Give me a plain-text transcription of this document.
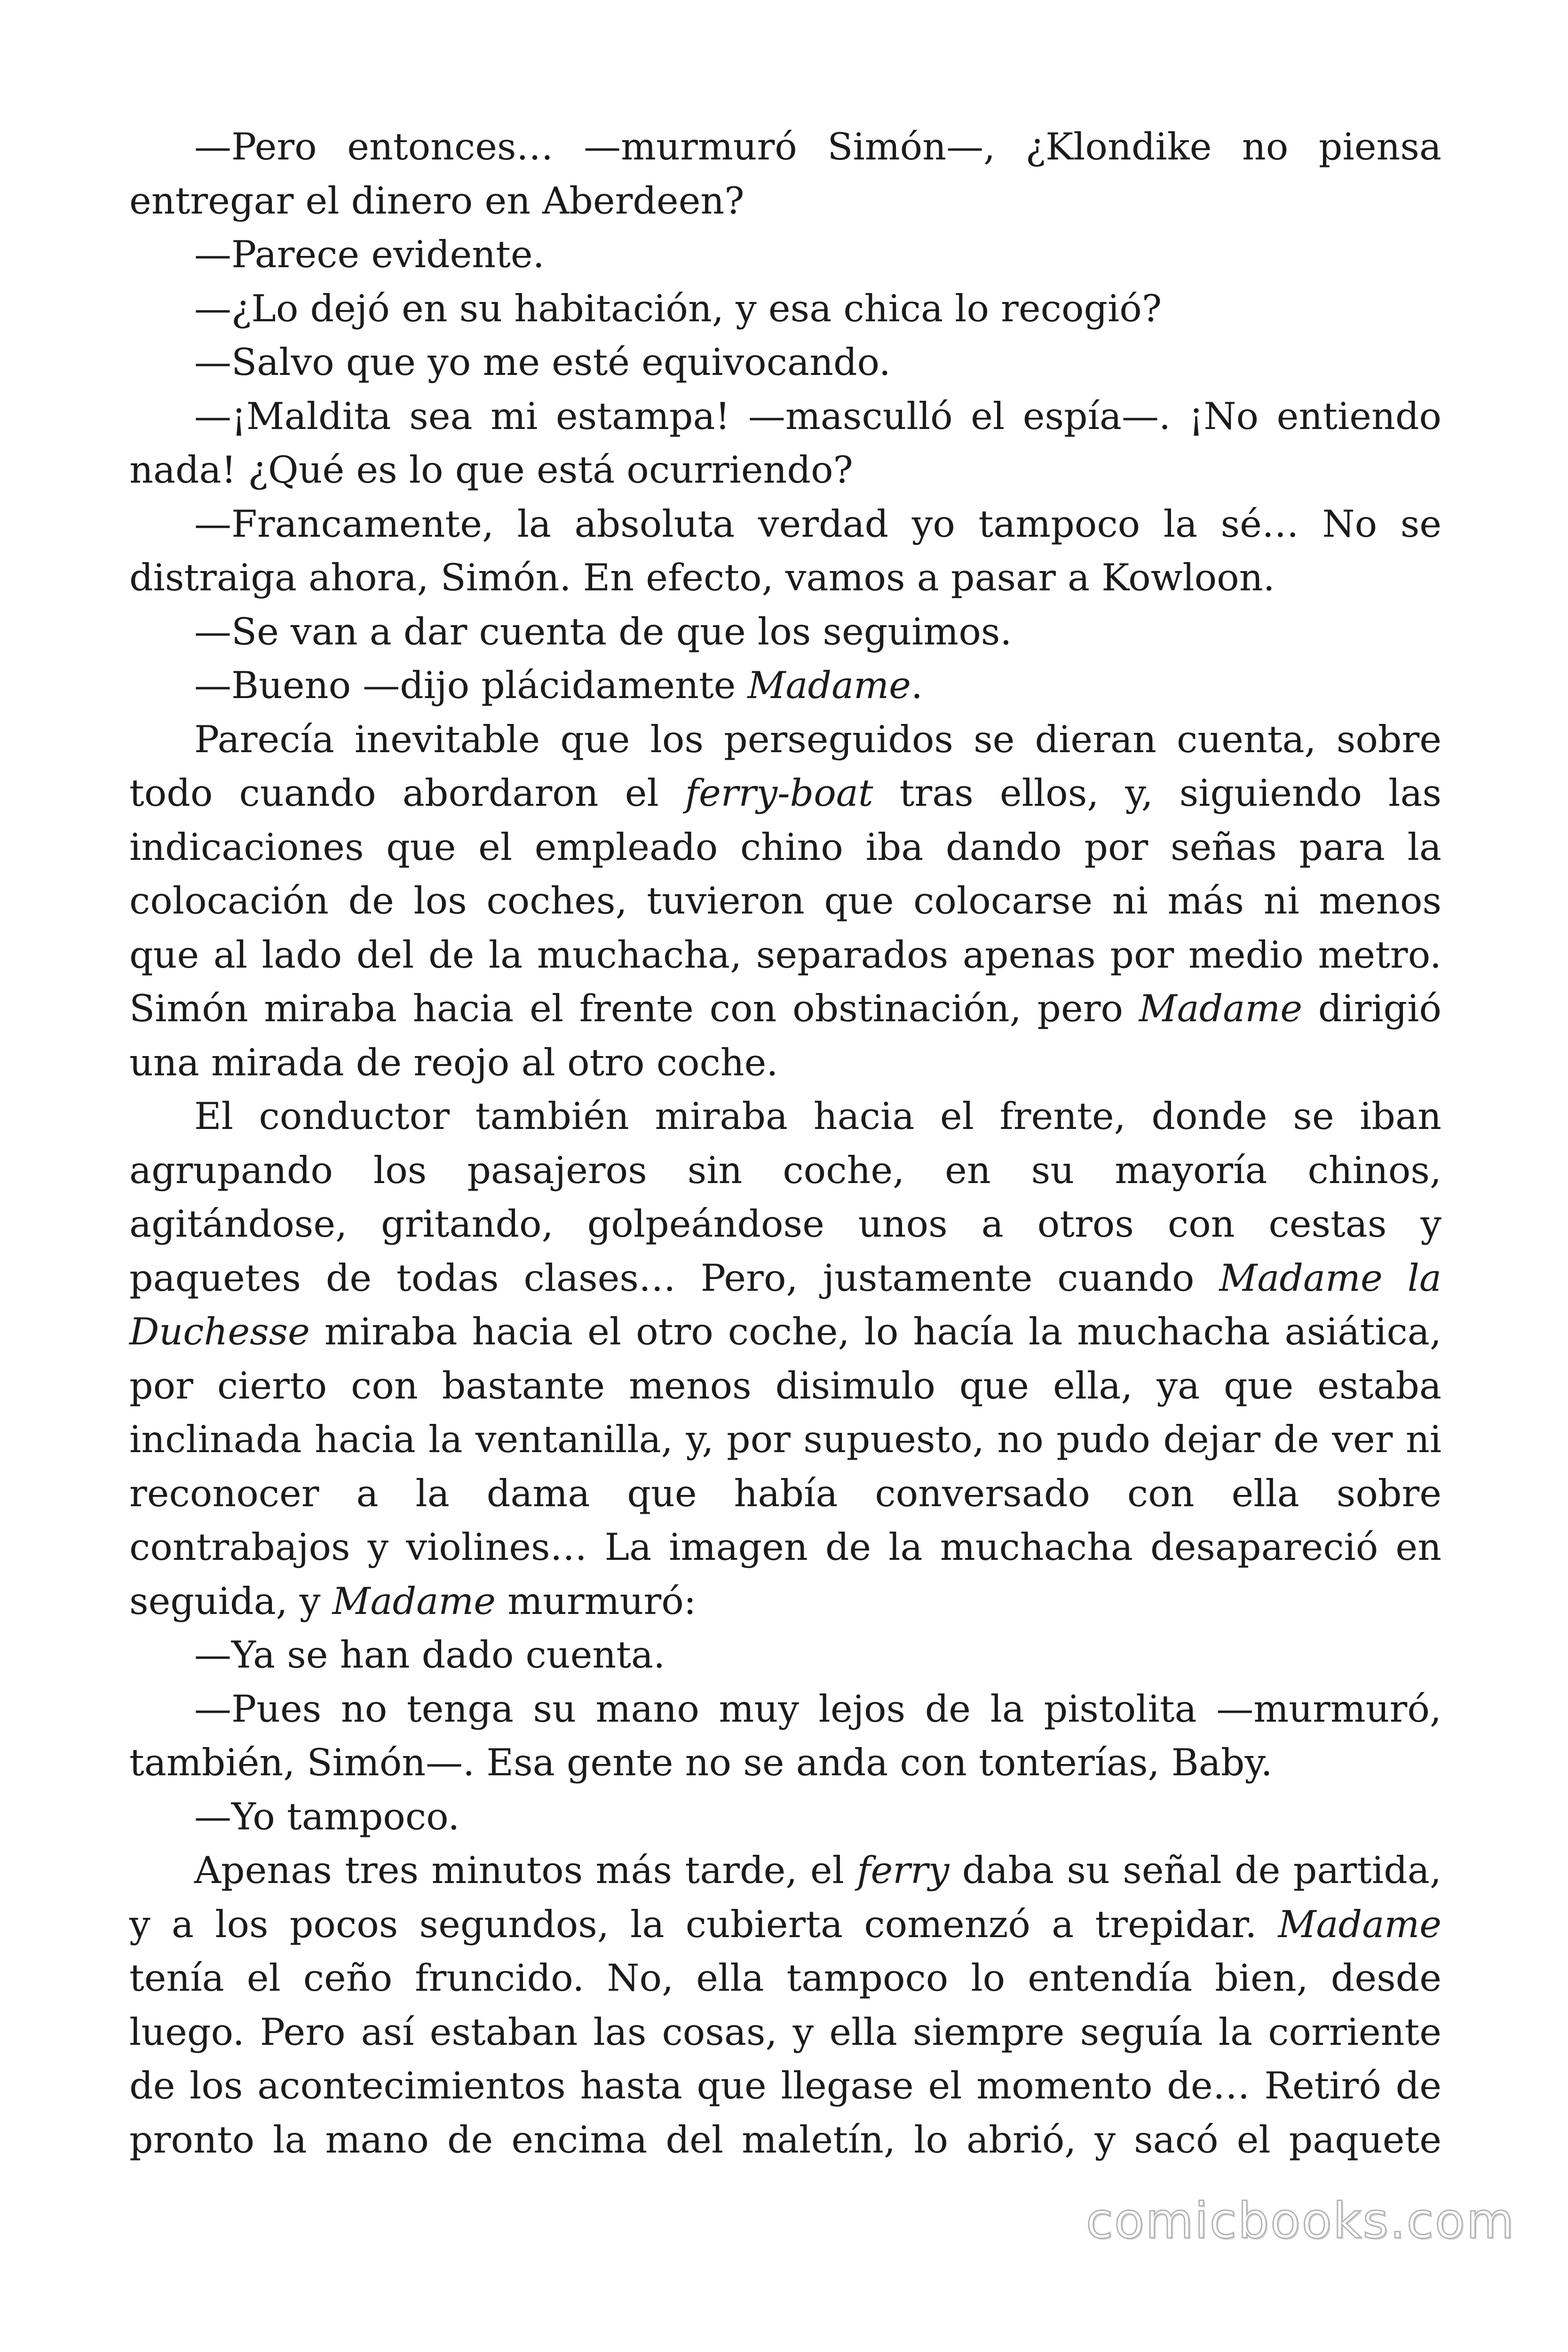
—Pero entonces… —murmuró Simón—, ¿Klondike no piensa entregar el dinero en Aberdeen?

—Parece evidente.

—¿Lo dejó en su habitación, y esa chica lo recogió?

—Salvo que yo me esté equivocando.

—¡Maldita sea mi estampa! —masculló el espía—. ¡No entiendo nada! ¿Qué es lo que está ocurriendo?

—Francamente, la absoluta verdad yo tampoco la sé… No se distraiga ahora, Simón. En efecto, vamos a pasar a Kowloon.

—Se van a dar cuenta de que los seguimos.

—Bueno —dijo plácidamente Madame.

Parecía inevitable que los perseguidos se dieran cuenta, sobre todo cuando abordaron el ferry-boat tras ellos, y, siguiendo las indicaciones que el empleado chino iba dando por señas para la colocación de los coches, tuvieron que colocarse ni más ni menos que al lado del de la muchacha, separados apenas por medio metro. Simón miraba hacia el frente con obstinación, pero Madame dirigió una mirada de reojo al otro coche.

El conductor también miraba hacia el frente, donde se iban agrupando los pasajeros sin coche, en su mayoría chinos, agitándose, gritando, golpeándose unos a otros con cestas y paquetes de todas clases… Pero, justamente cuando Madame la Duchesse miraba hacia el otro coche, lo hacía la muchacha asiática, por cierto con bastante menos disimulo que ella, ya que estaba inclinada hacia la ventanilla, y, por supuesto, no pudo dejar de ver ni reconocer a la dama que había conversado con ella sobre contrabajos y violines… La imagen de la muchacha desapareció en seguida, y Madame murmuró:

—Ya se han dado cuenta.

—Pues no tenga su mano muy lejos de la pistolita —murmuró, también, Simón—. Esa gente no se anda con tonterías, Baby.

—Yo tampoco.

Apenas tres minutos más tarde, el ferry daba su señal de partida, y a los pocos segundos, la cubierta comenzó a trepidar. Madame tenía el ceño fruncido. No, ella tampoco lo entendía bien, desde luego. Pero así estaban las cosas, y ella siempre seguía la corriente de los acontecimientos hasta que llegase el momento de… Retiró de pronto la mano de encima del maletín, lo abrió, y sacó el paquete

comicbooks.com
